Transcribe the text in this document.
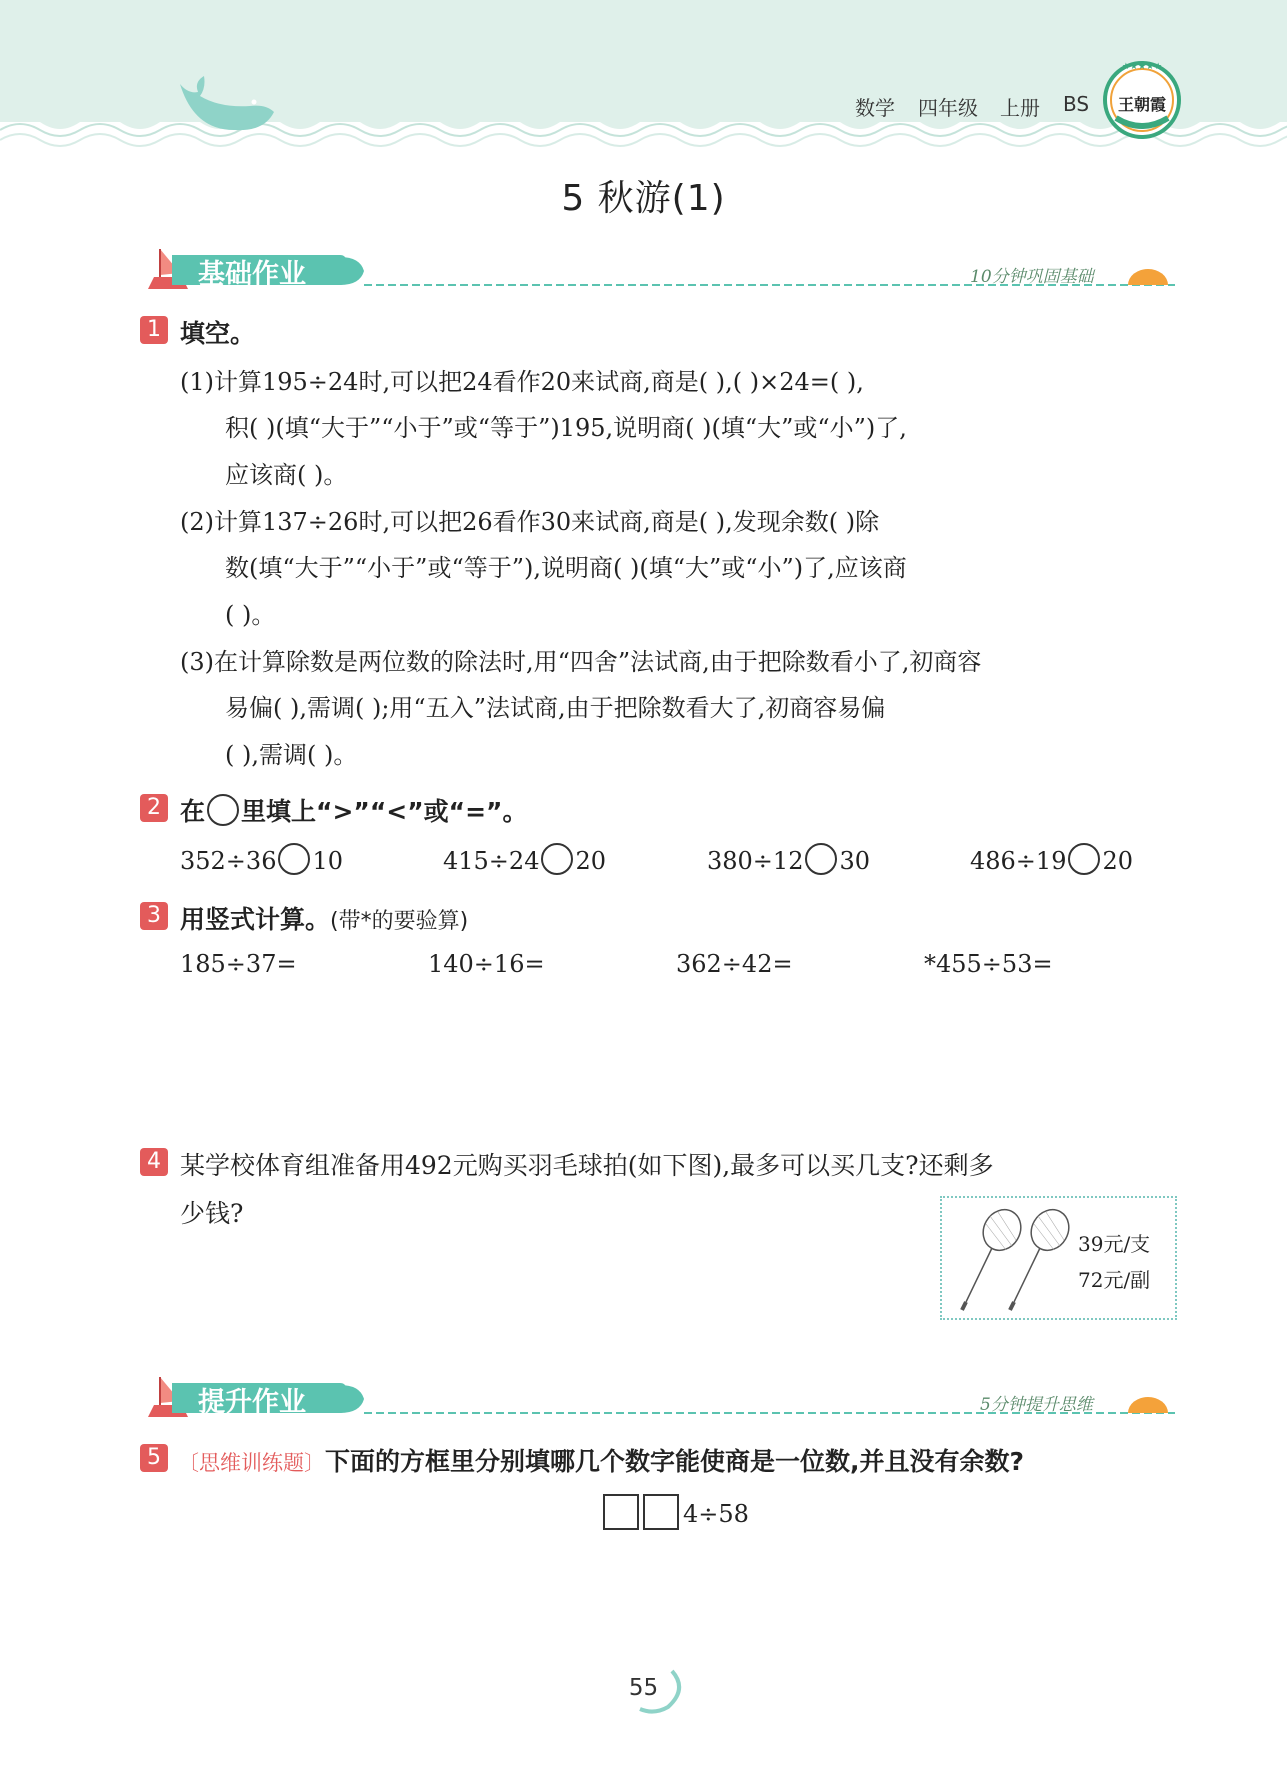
数学 四年级 上册 BS
★★★★★
王朝霞
5 秋游(1)
基础作业	10分钟巩固基础
1 填空。
(1)计算195÷24时,可以把24看作20来试商,商是( ),( )×24=( ),
积( )(填“大于”“小于”或“等于”)195,说明商( )(填“大”或“小”)了,
应该商( )。
(2)计算137÷26时,可以把26看作30来试商,商是( ),发现余数( )除
数(填“大于”“小于”或“等于”),说明商( )(填“大”或“小”)了,应该商
( )。
(3)在计算除数是两位数的除法时,用“四舍”法试商,由于把除数看小了,初商容
易偏( ),需调( );用“五入”法试商,由于把除数看大了,初商容易偏
( ),需调( )。
2 在 里填上“>”“<”或“=”。
352÷36 10	415÷24 20	380÷12 30	486÷19 20
3 用竖式计算。(带*的要验算)
185÷37=	140÷16=	362÷42=	*455÷53=
4 某学校体育组准备用492元购买羽毛球拍(如下图),最多可以买几支?还剩多
少钱?
39元/支
72元/副
提升作业	5分钟提升思维
5 〔思维训练题〕下面的方框里分别填哪几个数字能使商是一位数,并且没有余数?
4÷58
55
